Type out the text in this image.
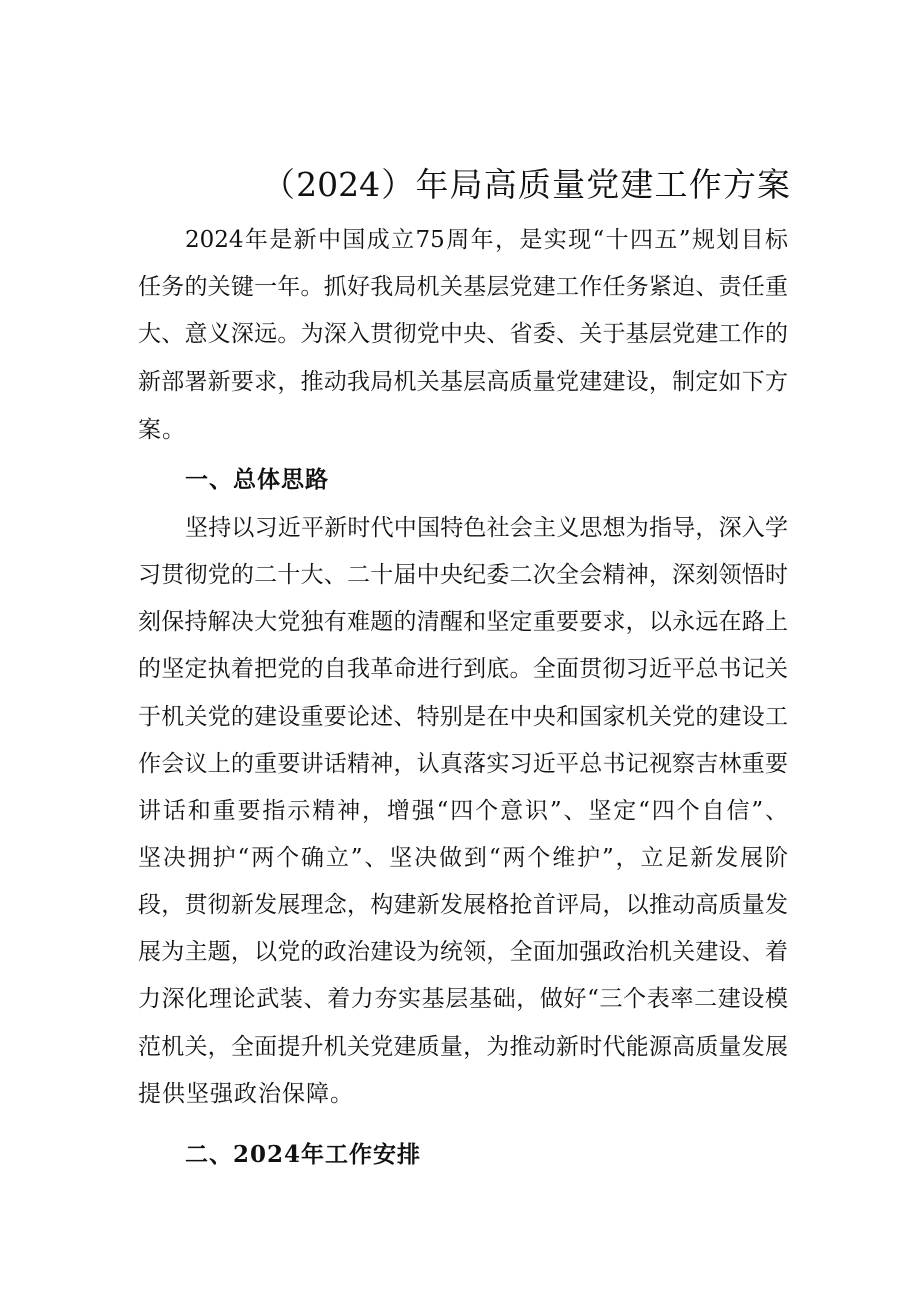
（2024）年局高质量党建工作方案
2024年是新中国成立75周年，是实现“十四五”规划目标
任务的关键一年。抓好我局机关基层党建工作任务紧迫、责任重
大、意义深远。为深入贯彻党中央、省委、关于基层党建工作的
新部署新要求，推动我局机关基层高质量党建建设，制定如下方
案。
一、总体思路
坚持以习近平新时代中国特色社会主义思想为指导，深入学
习贯彻党的二十大、二十届中央纪委二次全会精神，深刻领悟时
刻保持解决大党独有难题的清醒和坚定重要要求，以永远在路上
的坚定执着把党的自我革命进行到底。全面贯彻习近平总书记关
于机关党的建设重要论述、特别是在中央和国家机关党的建设工
作会议上的重要讲话精神，认真落实习近平总书记视察吉林重要
讲话和重要指示精神，增强“四个意识”、坚定“四个自信”、
坚决拥护“两个确立”、坚决做到“两个维护”，立足新发展阶
段，贯彻新发展理念，构建新发展格抢首评局，以推动高质量发
展为主题，以党的政治建设为统领，全面加强政治机关建设、着
力深化理论武装、着力夯实基层基础，做好“三个表率二建设模
范机关，全面提升机关党建质量，为推动新时代能源高质量发展
提供坚强政治保障。
二、2024年工作安排
